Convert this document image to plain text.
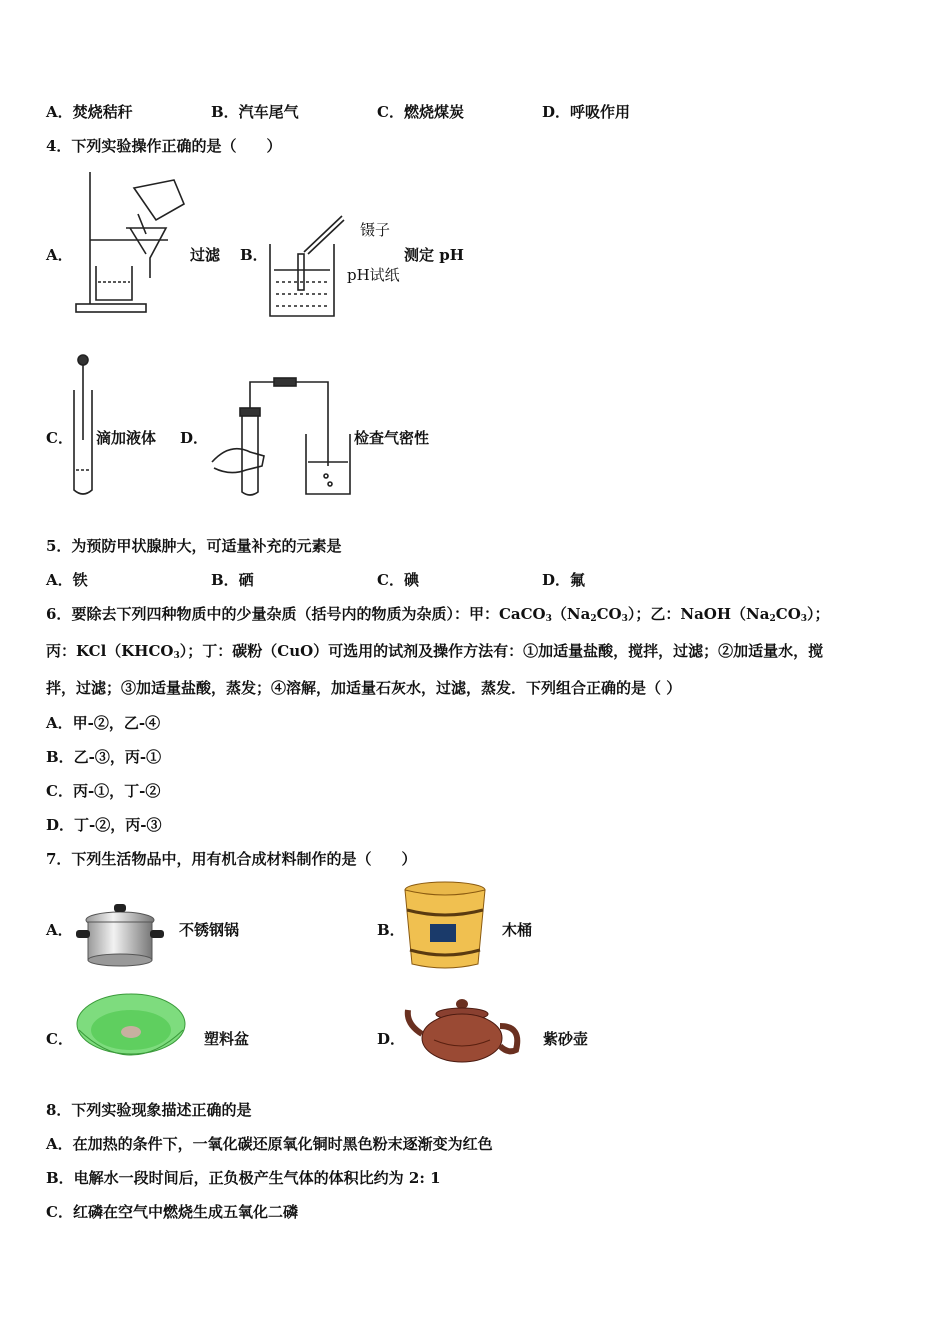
A．焚烧秸秆	B．汽车尾气	C．燃烧煤炭	D．呼吸作用
4．下列实验操作正确的是（　　）
A．	过滤 B．
镊子
pH试纸
测定 pH
C． 滴加液体 D．	检查气密性
5．为预防甲状腺肿大，可适量补充的元素是
A．铁	B．硒	C．碘	D．氟
6．要除去下列四种物质中的少量杂质（括号内的物质为杂质）：甲：$CaCO_3(Na_2CO_3)$；乙：$NaOH(Na_2CO_3)$；
丙：$KCl(KHCO_3)$；丁：碳粉（CuO）可选用的试剂及操作方法有：①加适量盐酸，搅拌，过滤；②加适量水，搅
拌，过滤；③加适量盐酸，蒸发；④溶解，加适量石灰水，过滤，蒸发．下列组合正确的是（ ）
A．甲-②，乙-④
B．乙-③，丙-①
C．丙-①，丁-②
D．丁-②，丙-③
7．下列生活物品中，用有机合成材料制作的是（　　）
A．	不锈钢锅	B．	木桶
C．	塑料盆	D．	紫砂壶
8．下列实验现象描述正确的是
A．在加热的条件下，一氧化碳还原氧化铜时黑色粉末逐渐变为红色
B．电解水一段时间后，正负极产生气体的体积比约为 2: 1
C．红磷在空气中燃烧生成五氧化二磷
